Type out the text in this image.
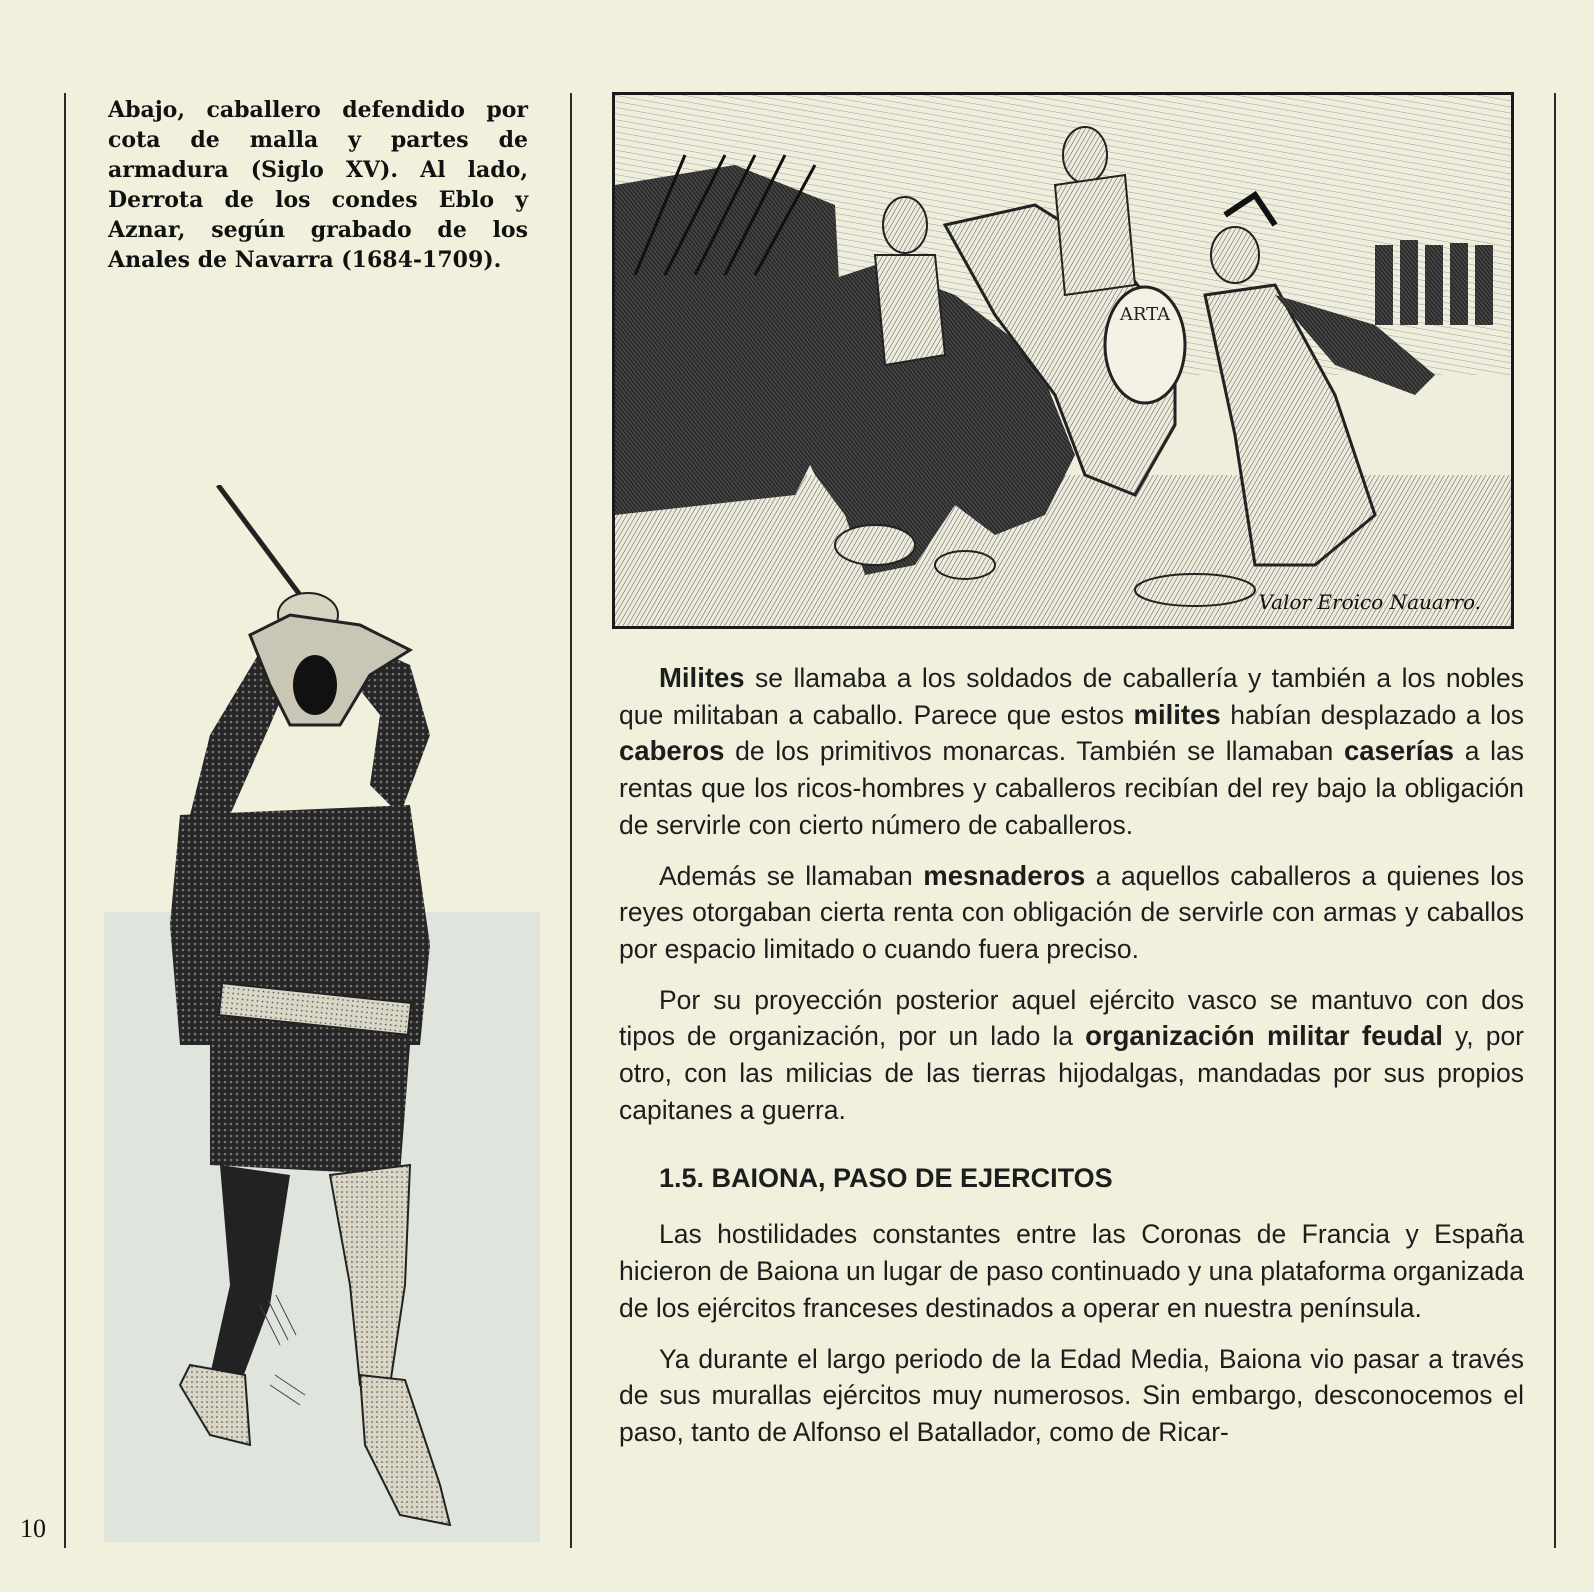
Abajo, caballero defendido por cota de malla y partes de armadura (Siglo XV). Al lado, Derrota de los condes Eblo y Aznar, según grabado de los Anales de Navarra (1684-1709).
ARTA
Valor Eroico Nauarro.

Milites se llamaba a los soldados de caballería y también a los nobles que militaban a caballo. Parece que estos milites habían desplazado a los caberos de los primitivos monarcas. También se llamaban caserías a las rentas que los ricos-hombres y caballeros recibían del rey bajo la obligación de servirle con cierto número de caballeros.

Además se llamaban mesnaderos a aquellos caballeros a quienes los reyes otorgaban cierta renta con obligación de servirle con armas y caballos por espacio limitado o cuando fuera preciso.

Por su proyección posterior aquel ejército vasco se mantuvo con dos tipos de organización, por un lado la organización militar feudal y, por otro, con las milicias de las tierras hijodalgas, mandadas por sus propios capitanes a guerra.

1.5. BAIONA, PASO DE EJERCITOS

Las hostilidades constantes entre las Coronas de Francia y España hicieron de Baiona un lugar de paso continuado y una plataforma organizada de los ejércitos franceses destinados a operar en nuestra península.

Ya durante el largo periodo de la Edad Media, Baiona vio pasar a través de sus murallas ejércitos muy numerosos. Sin embargo, desconocemos el paso, tanto de Alfonso el Batallador, como de Ricar-

10
